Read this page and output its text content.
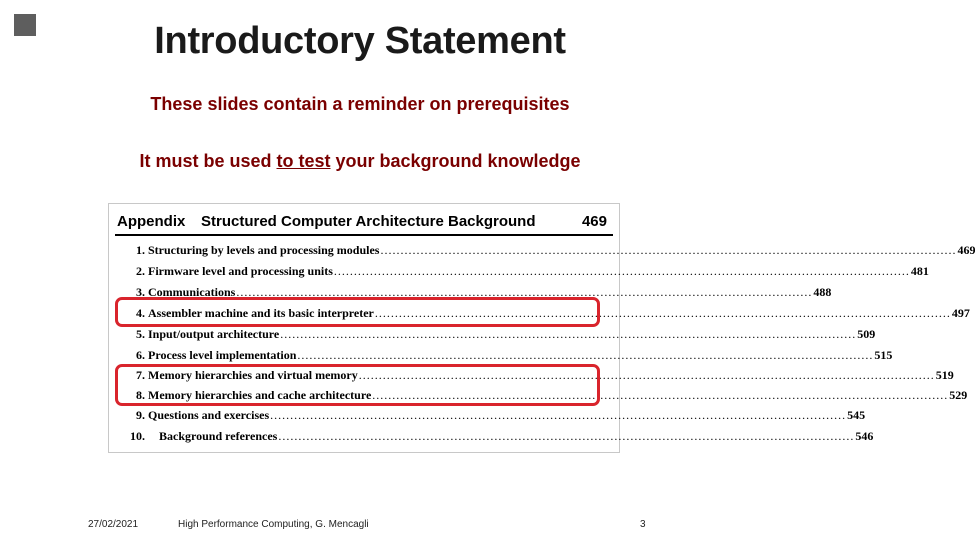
Introductory Statement
These slides contain a reminder on prerequisites
It must be used to test your background knowledge
Appendix Structured Computer Architecture Background	469
1. Structuring by levels and processing modules ................................................................................................................................................ 469
2. Firmware level and processing units ................................................................................................................................................ 481
3. Communications ................................................................................................................................................ 488
4. Assembler machine and its basic interpreter ................................................................................................................................................ 497
5. Input/output architecture ................................................................................................................................................ 509
6. Process level implementation ................................................................................................................................................ 515
7. Memory hierarchies and virtual memory ................................................................................................................................................ 519
8. Memory hierarchies and cache architecture ................................................................................................................................................ 529
9. Questions and exercises ................................................................................................................................................ 545
10. Background references ................................................................................................................................................ 546
27/02/2021	High Performance Computing, G. Mencagli	3
